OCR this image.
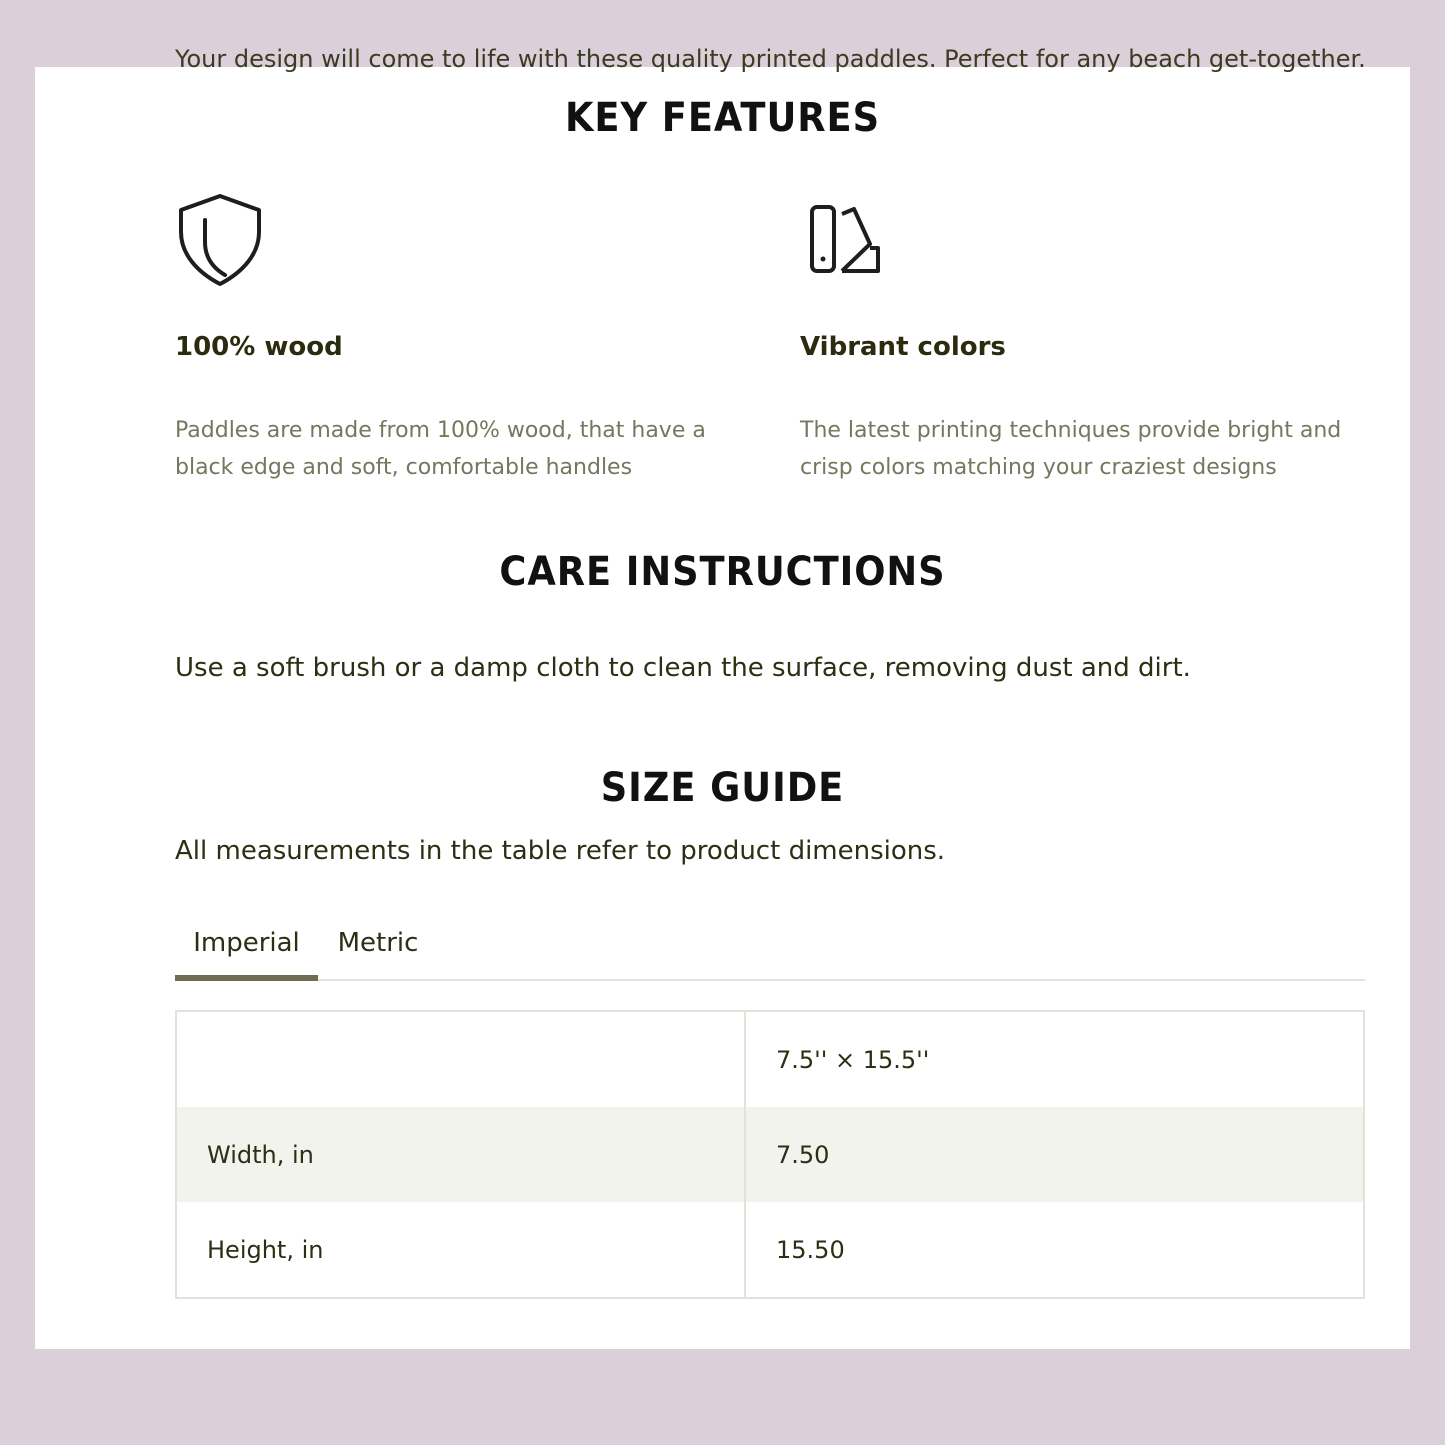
Your design will come to life with these quality printed paddles. Perfect for any beach get-together.
KEY FEATURES
100% wood
Paddles are made from 100% wood, that have a black edge and soft, comfortable handles
Vibrant colors
The latest printing techniques provide bright and crisp colors matching your craziest designs
CARE INSTRUCTIONS
Use a soft brush or a damp cloth to clean the surface, removing dust and dirt.
SIZE GUIDE
All measurements in the table refer to product dimensions.
Imperial	Metric
	7.5'' × 15.5''
Width, in	7.50
Height, in	15.50
